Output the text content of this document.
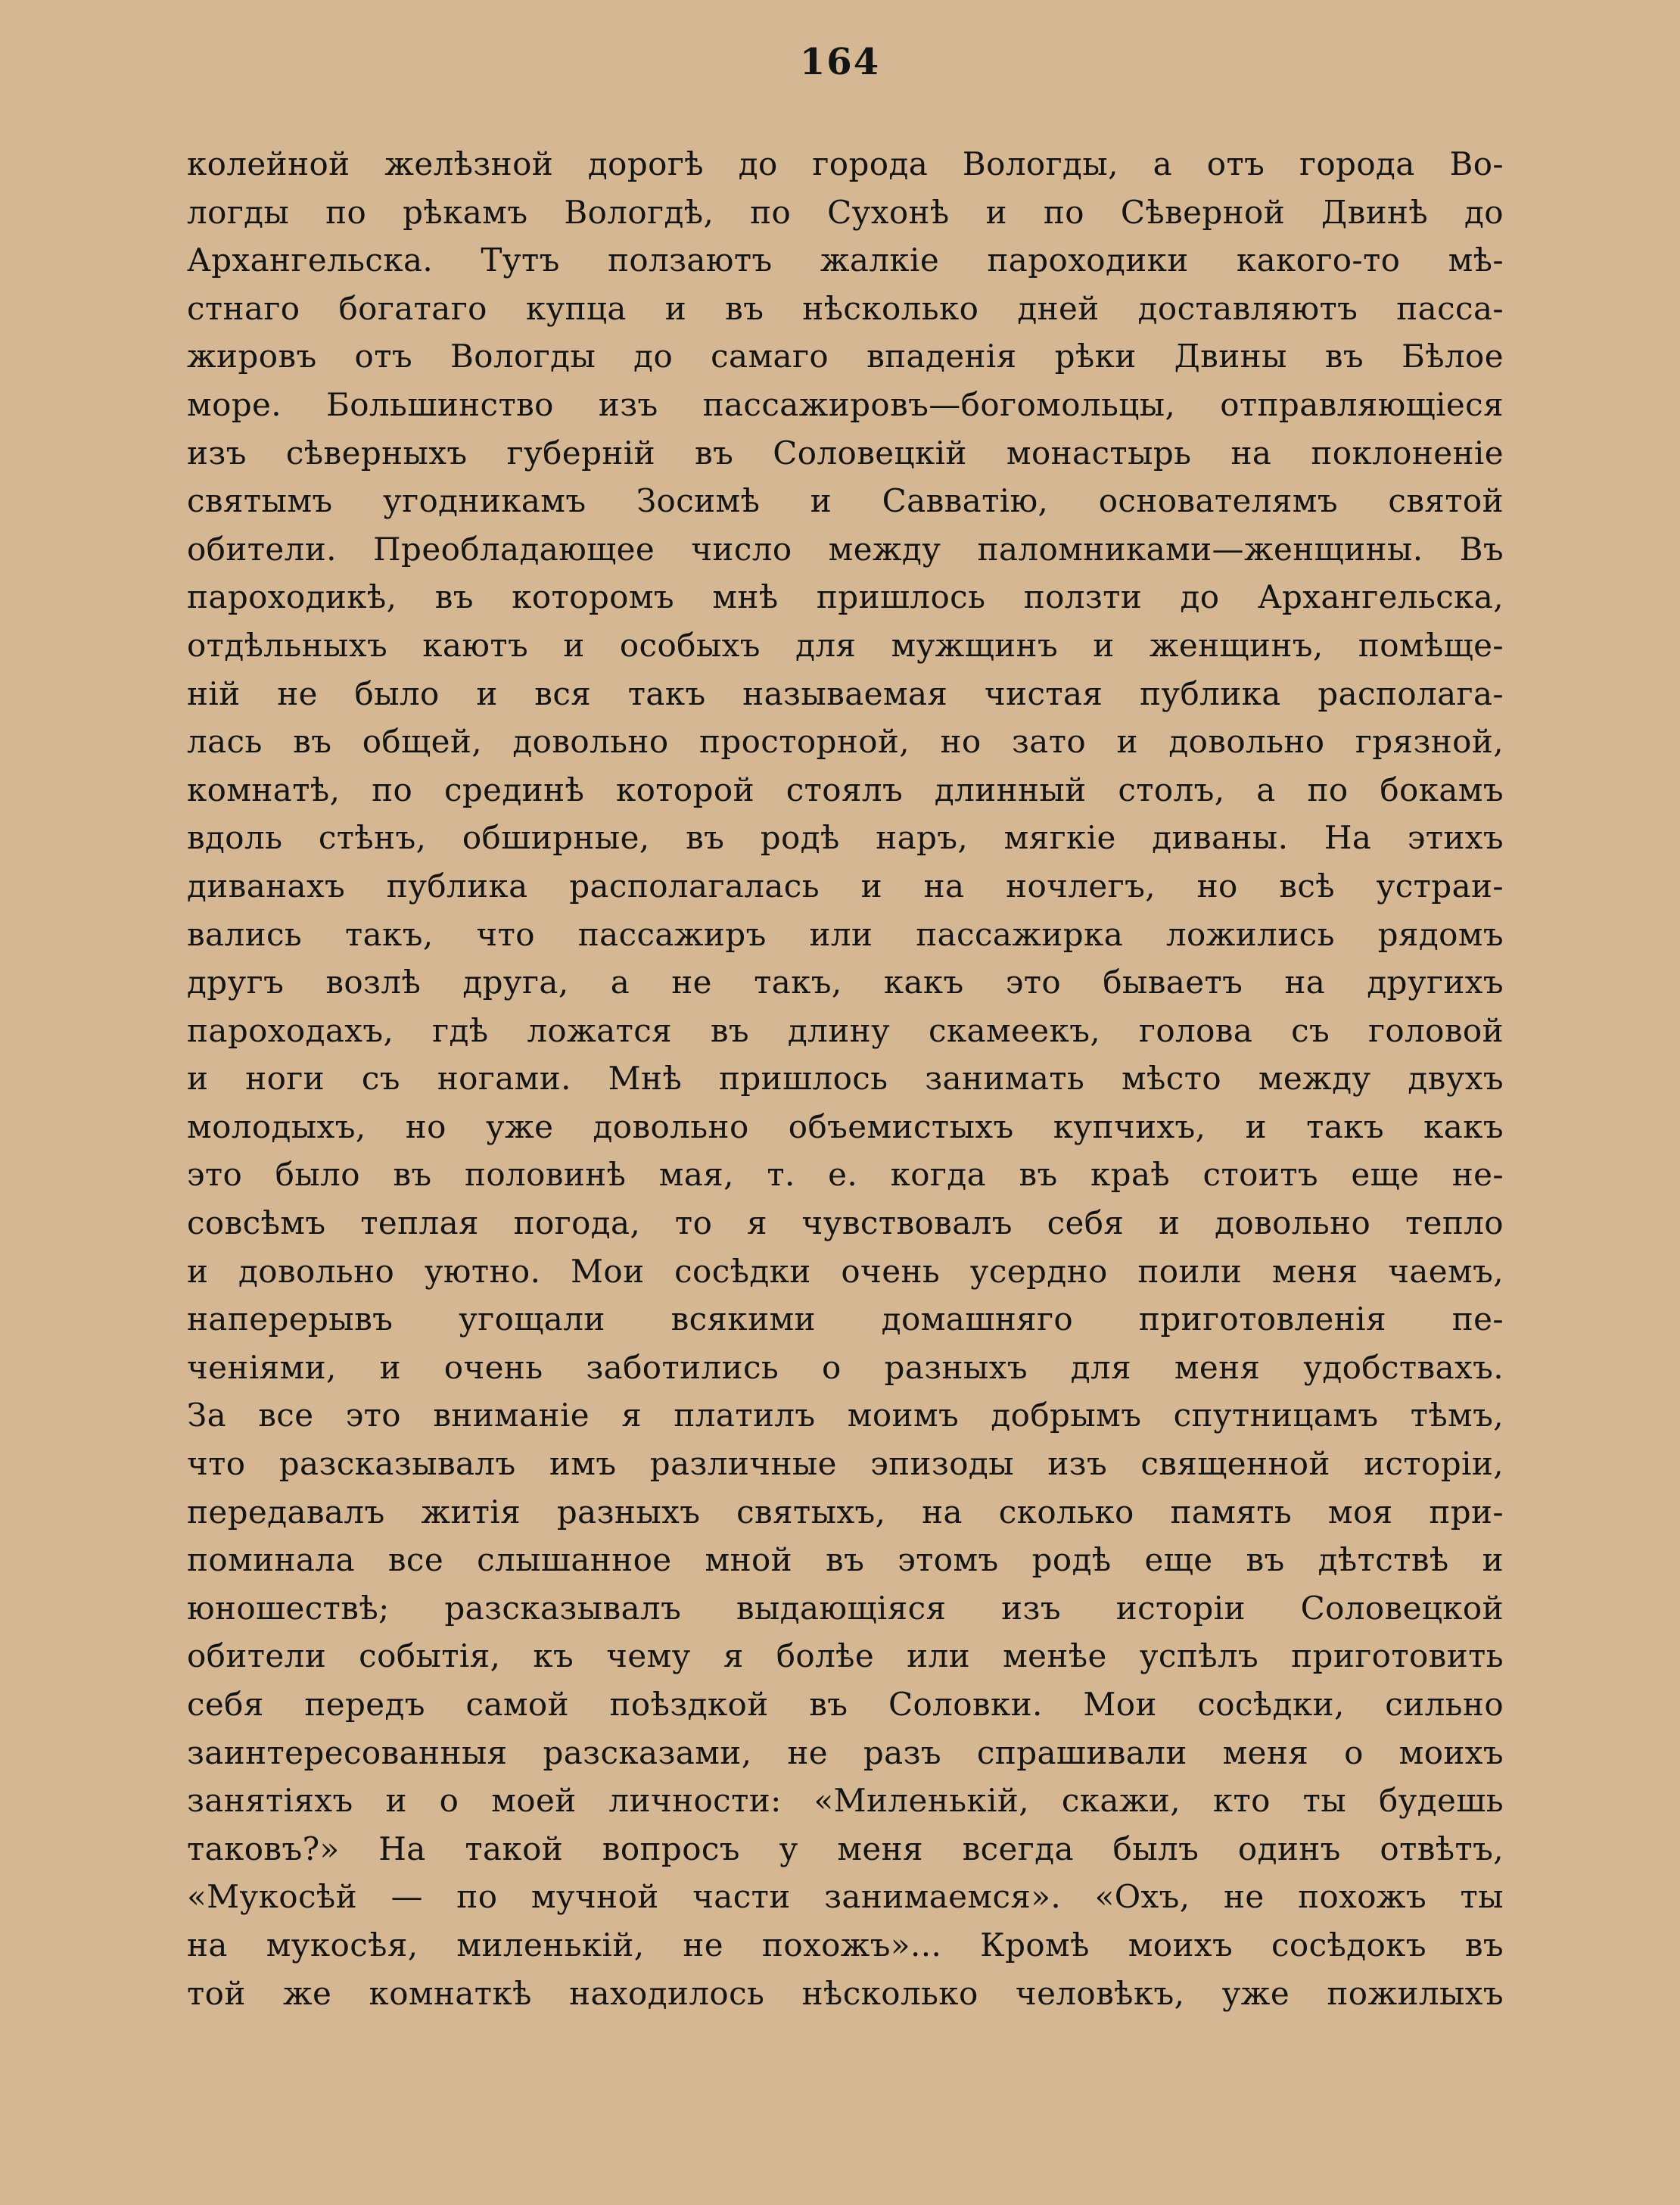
164
колейной желѣзной дорогѣ до города Вологды, а отъ города Во-
логды по рѣкамъ Вологдѣ, по Сухонѣ и по Сѣверной Двинѣ до
Архангельска. Тутъ ползаютъ жалкіе пароходики какого-то мѣ-
стнаго богатаго купца и въ нѣсколько дней доставляютъ пасса-
жировъ отъ Вологды до самаго впаденія рѣки Двины въ Бѣлое
море. Большинство изъ пассажировъ—богомольцы, отправляющіеся
изъ сѣверныхъ губерній въ Соловецкій монастырь на поклоненіе
святымъ угодникамъ Зосимѣ и Савватію, основателямъ святой
обители. Преобладающее число между паломниками—женщины. Въ
пароходикѣ, въ которомъ мнѣ пришлось ползти до Архангельска,
отдѣльныхъ каютъ и особыхъ для мужщинъ и женщинъ, помѣще-
ній не было и вся такъ называемая чистая публика располага-
лась въ общей, довольно просторной, но зато и довольно грязной,
комнатѣ, по срединѣ которой стоялъ длинный столъ, а по бокамъ
вдоль стѣнъ, обширные, въ родѣ наръ, мягкіе диваны. На этихъ
диванахъ публика располагалась и на ночлегъ, но всѣ устраи-
вались такъ, что пассажиръ или пассажирка ложились рядомъ
другъ возлѣ друга, а не такъ, какъ это бываетъ на другихъ
пароходахъ, гдѣ ложатся въ длину скамеекъ, голова съ головой
и ноги съ ногами. Мнѣ пришлось занимать мѣсто между двухъ
молодыхъ, но уже довольно объемистыхъ купчихъ, и такъ какъ
это было въ половинѣ мая, т. е. когда въ краѣ стоитъ еще не-
совсѣмъ теплая погода, то я чувствовалъ себя и довольно тепло
и довольно уютно. Мои сосѣдки очень усердно поили меня чаемъ,
наперерывъ угощали всякими домашняго приготовленія пе-
ченіями, и очень заботились о разныхъ для меня удобствахъ.
За все это вниманіе я платилъ моимъ добрымъ спутницамъ тѣмъ,
что разсказывалъ имъ различные эпизоды изъ священной исторіи,
передавалъ житія разныхъ святыхъ, на сколько память моя при-
поминала все слышанное мной въ этомъ родѣ еще въ дѣтствѣ и
юношествѣ; разсказывалъ выдающіяся изъ исторіи Соловецкой
обители событія, къ чему я болѣе или менѣе успѣлъ приготовить
себя передъ самой поѣздкой въ Соловки. Мои сосѣдки, сильно
заинтересованныя разсказами, не разъ спрашивали меня о моихъ
занятіяхъ и о моей личности: «Миленькій, скажи, кто ты будешь
таковъ?» На такой вопросъ у меня всегда былъ одинъ отвѣтъ,
«Мукосѣй — по мучной части занимаемся». «Охъ, не похожъ ты
на мукосѣя, миленькій, не похожъ»... Кромѣ моихъ сосѣдокъ въ
той же комнаткѣ находилось нѣсколько человѣкъ, уже пожилыхъ
